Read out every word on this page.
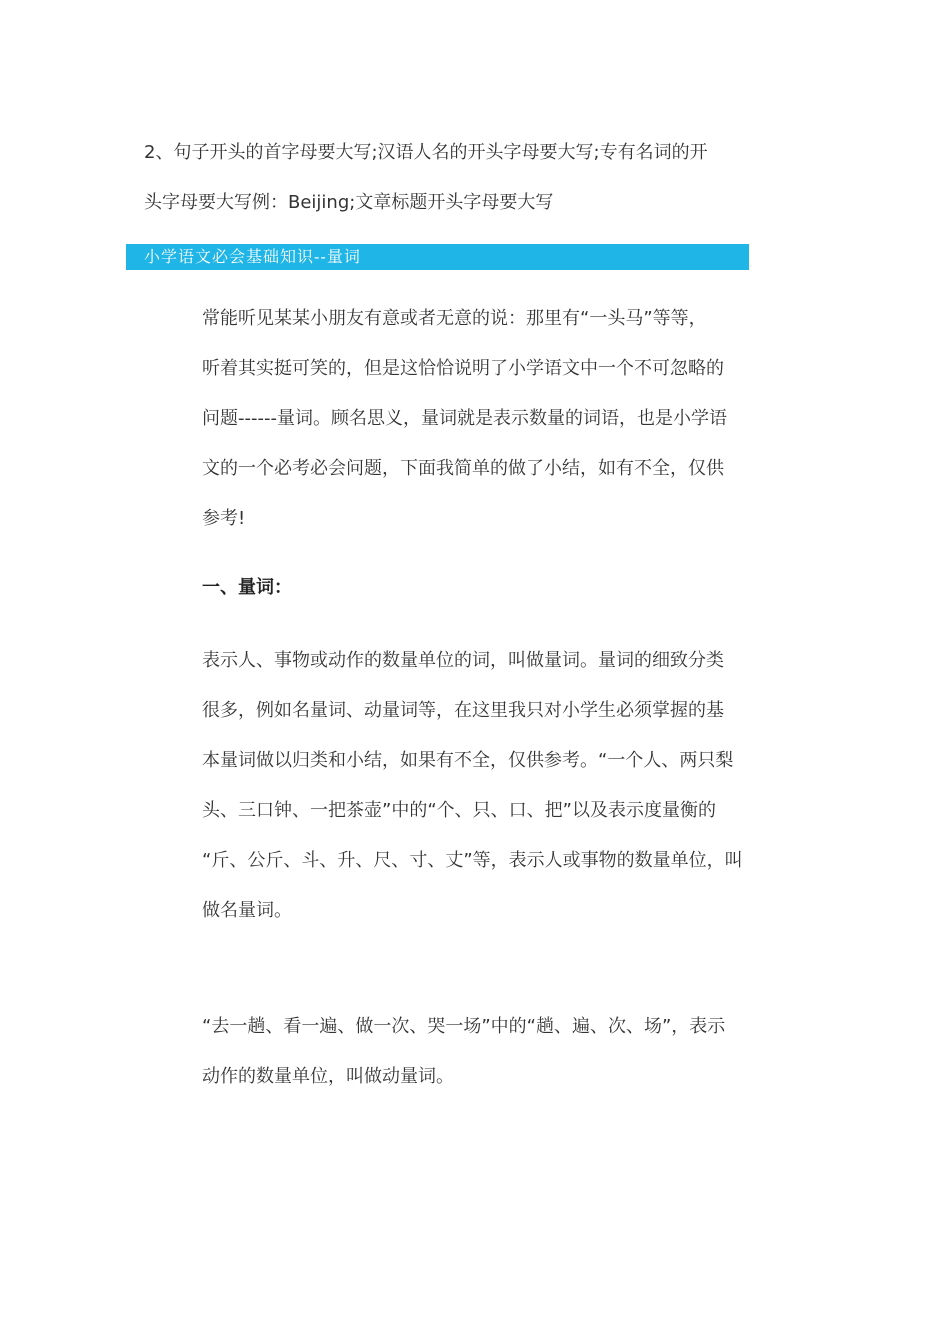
2、句子开头的首字母要大写;汉语人名的开头字母要大写;专有名词的开

头字母要大写例：Beijing;文章标题开头字母要大写

小学语文必会基础知识--量词
常能听见某某小朋友有意或者无意的说：那里有“一头马”等等，
听着其实挺可笑的，但是这恰恰说明了小学语文中一个不可忽略的
问题------量词。顾名思义，量词就是表示数量的词语，也是小学语
文的一个必考必会问题，下面我简单的做了小结，如有不全，仅供
参考!
一、量词：
表示人、事物或动作的数量单位的词，叫做量词。量词的细致分类
很多，例如名量词、动量词等，在这里我只对小学生必须掌握的基
本量词做以归类和小结，如果有不全，仅供参考。“一个人、两只梨
头、三口钟、一把茶壶”中的“个、只、口、把”以及表示度量衡的
“斤、公斤、斗、升、尺、寸、丈”等，表示人或事物的数量单位，叫
做名量词。
“去一趟、看一遍、做一次、哭一场”中的“趟、遍、次、场”，表示
动作的数量单位，叫做动量词。
